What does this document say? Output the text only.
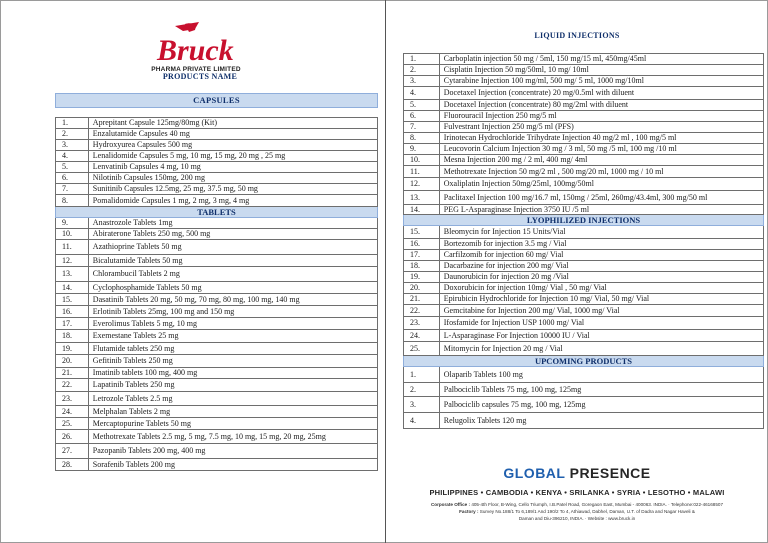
Bruck
PHARMA PRIVATE LIMITED
PRODUCTS NAME
CAPSULES
1.	Aprepitant Capsule 125mg/80mg (Kit)
2.	Enzalutamide Capsules 40 mg
3.	Hydroxyurea Capsules 500 mg
4.	Lenalidomide Capsules 5 mg, 10 mg, 15 mg, 20 mg , 25 mg
5.	Lenvatinib Capsules 4 mg, 10 mg
6.	Nilotinib Capsules 150mg, 200 mg
7.	Sunitinib Capsules 12.5mg, 25 mg, 37.5 mg, 50 mg
8.	Pomalidomide Capsules 1 mg, 2 mg, 3 mg, 4 mg
TABLETS	
9.	Anastrozole Tablets 1mg
10.	Abiraterone Tablets 250 mg, 500 mg
11.	Azathioprine Tablets 50 mg
12.	Bicalutamide Tablets 50 mg
13.	Chlorambucil Tablets 2 mg
14.	Cyclophosphamide Tablets 50 mg
15.	Dasatinib Tablets 20 mg, 50 mg, 70 mg, 80 mg, 100 mg, 140 mg
16.	Erlotinib Tablets 25mg, 100 mg and 150 mg
17.	Everolimus Tablets 5 mg, 10 mg
18.	Exemestane Tablets 25 mg
19.	Flutamide tablets 250 mg
20.	Gefitinib Tablets 250 mg
21.	Imatinib tablets 100 mg, 400 mg
22.	Lapatinib Tablets 250 mg
23.	Letrozole Tablets 2.5 mg
24.	Melphalan Tablets 2 mg
25.	Mercaptopurine Tablets 50 mg
26.	Methotrexate Tablets 2.5 mg, 5 mg, 7.5 mg, 10 mg, 15 mg, 20 mg, 25mg
27.	Pazopanib Tablets 200 mg, 400 mg
28.	Sorafenib Tablets 200 mg
LIQUID INJECTIONS
1.	Carboplatin injection 50 mg / 5ml, 150 mg/15 ml, 450mg/45ml
2.	Cisplatin Injection 50 mg/50ml, 10 mg/ 10ml
3.	Cytarabine Injection 100 mg/ml, 500 mg/ 5 ml, 1000 mg/10ml
4.	Docetaxel Injection (concentrate) 20 mg/0.5ml with diluent
5.	Docetaxel Injection (concentrate) 80 mg/2ml with diluent
6.	Fluorouracil Injection 250 mg/5 ml
7.	Fulvestrant Injection 250 mg/5 ml (PFS)
8.	Irinotecan Hydrochloride Trihydrate Injection 40 mg/2 ml , 100 mg/5 ml
9.	Leucovorin Calcium Injection 30 mg / 3 ml, 50 mg /5 ml, 100 mg /10 ml
10.	Mesna Injection 200 mg / 2 ml, 400 mg/ 4ml
11.	Methotrexate Injection 50 mg/2 ml , 500 mg/20 ml, 1000 mg / 10 ml
12.	Oxaliplatin Injection 50mg/25ml, 100mg/50ml
13.	Paclitaxel Injection 100 mg/16.7 ml, 150mg / 25ml, 260mg/43.4ml, 300 mg/50 ml
14.	PEG L-Asparaginase Injection 3750 IU /5 ml
LYOPHILIZED INJECTIONS	
15.	Bleomycin for Injection 15 Units/Vial
16.	Bortezomib for injection 3.5 mg / Vial
17.	Carfilzomib for injection 60 mg/ Vial
18.	Dacarbazine for injection 200 mg/ Vial
19.	Daunorubicin for injection 20 mg /Vial
20.	Doxorubicin for injection 10mg/ Vial , 50 mg/ Vial
21.	Epirubicin Hydrochloride for Injection 10 mg/ Vial, 50 mg/ Vial
22.	Gemcitabine for Injection 200 mg/ Vial, 1000 mg/ Vial
23.	Ifosfamide for Injection USP 1000 mg/ Vial
24.	L-Asparaginase For Injection 10000 IU / Vial
25.	Mitomycin for Injection 20 mg / Vial
UPCOMING PRODUCTS	
1.	Olaparib Tablets 100 mg
2.	Palbociclib Tablets 75 mg, 100 mg, 125mg
3.	Palbociclib capsules 75 mg, 100 mg, 125mg
4.	Relugolix Tablets 120 mg
GLOBAL PRESENCE
PHILIPPINES • CAMBODIA • KENYA • SRILANKA • SYRIA • LESOTHO • MALAWI
Corporate Office : 405-4th Floor, B-Wing, Cello Triumph, I.B.Patel Road, Goregaon East, Mumbai - 400063. INDIA. · Telephone:022-46168507
Factory : Survey No.188/1 To 6,189/1 And 190/2 To 4, Athiawad, Dabhel, Daman, U.T. of Dadra and Nagar Haveli &
Daman and Diu-396210, INDIA. · Website : www.bruck.in
